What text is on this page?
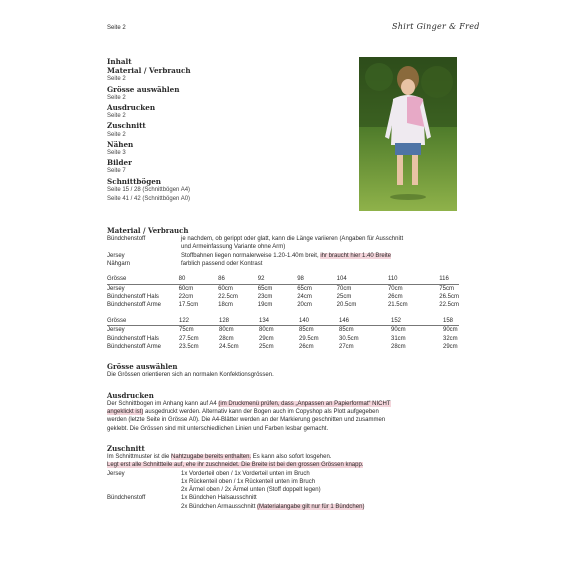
Seite 2	Shirt Ginger & Fred
Inhalt
Material / Verbrauch
Seite 2
Grösse auswählen
Seite 2
Ausdrucken
Seite 2
Zuschnitt
Seite 2
Nähen
Seite 3
Bilder
Seite 7
Schnittbögen
Seite 15 / 28 (Schnittbögen A4)
Seite 41 / 42 (Schnittbögen A0)
Material / Verbrauch
Bündchenstoff	je nachdem, ob gerippt oder glatt, kann die Länge variieren (Angaben für Ausschnitt
und Armeinfassung Variante ohne Arm)
Jersey	Stoffbahnen liegen normalerweise 1.20-1.40m breit, ihr braucht hier 1.40 Breite
Nähgarn	farblich passend oder Kontrast
Grösse	80	86	92	98	104	110	116
Jersey	60cm	60cm	65cm	65cm	70cm	70cm	75cm
Bündchenstoff Hals	22cm	22.5cm	23cm	24cm	25cm	26cm	26.5cm
Bündchenstoff Arme	17.5cm	18cm	19cm	20cm	20.5cm	21.5cm	22.5cm
Grösse	122	128	134	140	146	152	158
Jersey	75cm	80cm	80cm	85cm	85cm	90cm	90cm
Bündchenstoff Hals	27.5cm	28cm	29cm	29.5cm	30.5cm	31cm	32cm
Bündchenstoff Arme	23.5cm	24.5cm	25cm	26cm	27cm	28cm	29cm
Grösse auswählen
Die Grössen orientieren sich an normalen Konfektionsgrössen.
Ausdrucken
Der Schnittbogen im Anhang kann auf A4 (im Druckmenü prüfen, dass „Anpassen an Papierformat“ NICHT
angeklickt ist) ausgedruckt werden. Alternativ kann der Bogen auch im Copyshop als Plott aufgegeben
werden (letzte Seite in Grösse A0). Die A4-Blätter werden an der Markierung geschnitten und zusammen
geklebt. Die Grössen sind mit unterschiedlichen Linien und Farben lesbar gemacht.
Zuschnitt
Im Schnittmuster ist die Nahtzugabe bereits enthalten. Es kann also sofort losgehen.
Legt erst alle Schnittteile auf, ehe ihr zuschneidet. Die Breite ist bei den grossen Grössen knapp.
Jersey	1x Vorderteil oben / 1x Vorderteil unten im Bruch
1x Rückenteil oben / 1x Rückenteil unten im Bruch
2x Ärmel oben / 2x Ärmel unten (Stoff doppelt legen)
Bündchenstoff	1x Bündchen Halsausschnitt
2x Bündchen Armausschnitt (Materialangabe gilt nur für 1 Bündchen)
